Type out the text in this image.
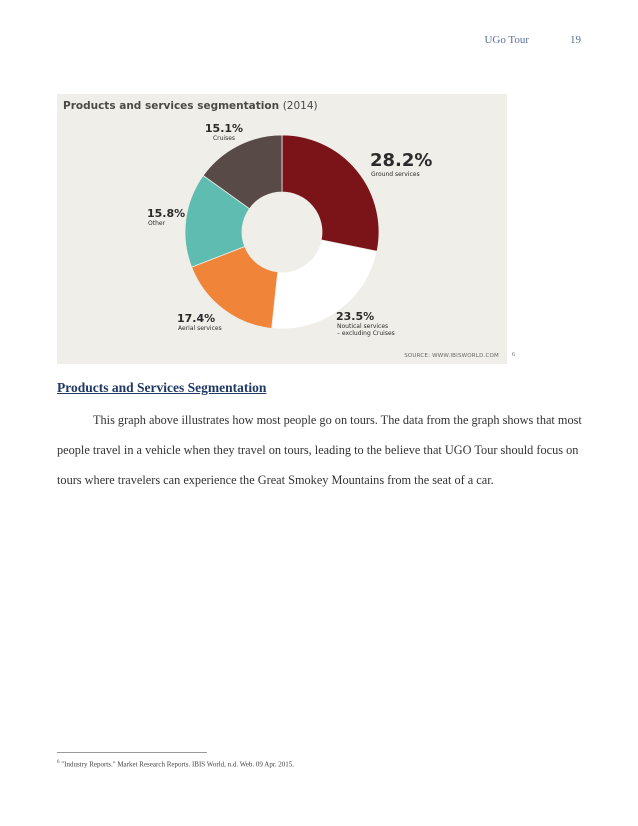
UGo Tour	19
Products and services segmentation (2014)
28.2%
Ground services
23.5%
Noutical services
– excluding Cruises
17.4%
Aerial services
15.8%
Other
15.1%
Cruises
SOURCE: WWW.IBISWORLD.COM 6
Products and Services Segmentation

This graph above illustrates how most people go on tours. The data from the graph shows that most people travel in a vehicle when they travel on tours, leading to the believe that UGO Tour should focus on tours where travelers can experience the Great Smokey Mountains from the seat of a car.

$^6$ "Industry Reports." Market Research Reports. IBIS World, n.d. Web. 09 Apr. 2015.
